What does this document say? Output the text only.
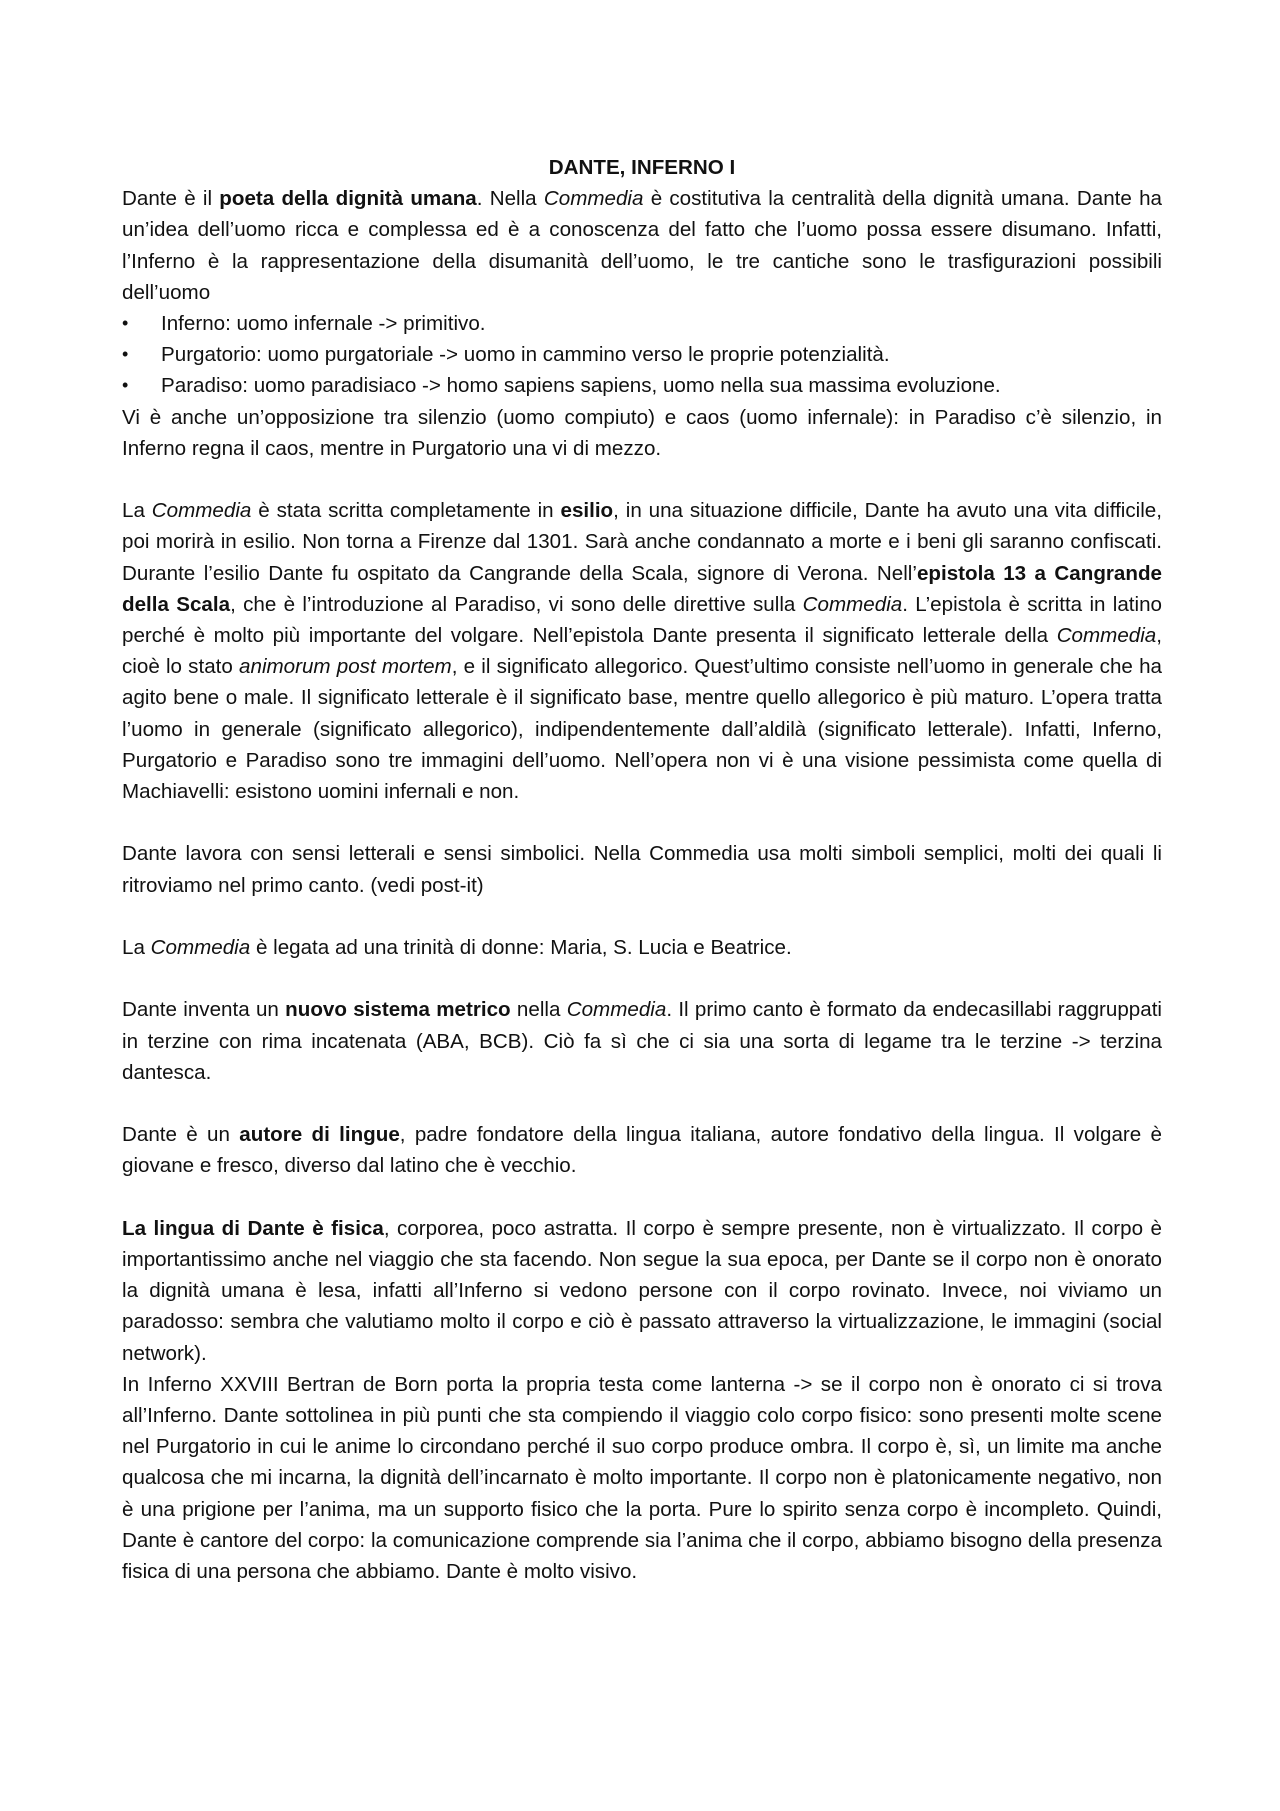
DANTE, INFERNO I

Dante è il poeta della dignità umana. Nella Commedia è costitutiva la centralità della dignità umana. Dante ha un’idea dell’uomo ricca e complessa ed è a conoscenza del fatto che l’uomo possa essere disumano. Infatti, l’Inferno è la rappresentazione della disumanità dell’uomo, le tre cantiche sono le trasfigurazioni possibili dell’uomo

•	Inferno: uomo infernale -> primitivo.
•	Purgatorio: uomo purgatoriale -> uomo in cammino verso le proprie potenzialità.
•	Paradiso: uomo paradisiaco -> homo sapiens sapiens, uomo nella sua massima evoluzione.

Vi è anche un’opposizione tra silenzio (uomo compiuto) e caos (uomo infernale): in Paradiso c’è silenzio, in Inferno regna il caos, mentre in Purgatorio una vi di mezzo.

La Commedia è stata scritta completamente in esilio, in una situazione difficile, Dante ha avuto una vita difficile, poi morirà in esilio. Non torna a Firenze dal 1301. Sarà anche condannato a morte e i beni gli saranno confiscati. Durante l’esilio Dante fu ospitato da Cangrande della Scala, signore di Verona. Nell’epistola 13 a Cangrande della Scala, che è l’introduzione al Paradiso, vi sono delle direttive sulla Commedia. L’epistola è scritta in latino perché è molto più importante del volgare. Nell’epistola Dante presenta il significato letterale della Commedia, cioè lo stato animorum post mortem, e il significato allegorico. Quest’ultimo consiste nell’uomo in generale che ha agito bene o male. Il significato letterale è il significato base, mentre quello allegorico è più maturo. L’opera tratta l’uomo in generale (significato allegorico), indipendentemente dall’aldilà (significato letterale). Infatti, Inferno, Purgatorio e Paradiso sono tre immagini dell’uomo. Nell’opera non vi è una visione pessimista come quella di Machiavelli: esistono uomini infernali e non.

Dante lavora con sensi letterali e sensi simbolici. Nella Commedia usa molti simboli semplici, molti dei quali li ritroviamo nel primo canto. (vedi post-it)

La Commedia è legata ad una trinità di donne: Maria, S. Lucia e Beatrice.

Dante inventa un nuovo sistema metrico nella Commedia. Il primo canto è formato da endecasillabi raggruppati in terzine con rima incatenata (ABA, BCB). Ciò fa sì che ci sia una sorta di legame tra le terzine -> terzina dantesca.

Dante è un autore di lingue, padre fondatore della lingua italiana, autore fondativo della lingua. Il volgare è giovane e fresco, diverso dal latino che è vecchio.

La lingua di Dante è fisica, corporea, poco astratta. Il corpo è sempre presente, non è virtualizzato. Il corpo è importantissimo anche nel viaggio che sta facendo. Non segue la sua epoca, per Dante se il corpo non è onorato la dignità umana è lesa, infatti all’Inferno si vedono persone con il corpo rovinato. Invece, noi viviamo un paradosso: sembra che valutiamo molto il corpo e ciò è passato attraverso la virtualizzazione, le immagini (social network).

In Inferno XXVIII Bertran de Born porta la propria testa come lanterna -> se il corpo non è onorato ci si trova all’Inferno. Dante sottolinea in più punti che sta compiendo il viaggio colo corpo fisico: sono presenti molte scene nel Purgatorio in cui le anime lo circondano perché il suo corpo produce ombra. Il corpo è, sì, un limite ma anche qualcosa che mi incarna, la dignità dell’incarnato è molto importante. Il corpo non è platonicamente negativo, non è una prigione per l’anima, ma un supporto fisico che la porta. Pure lo spirito senza corpo è incompleto. Quindi, Dante è cantore del corpo: la comunicazione comprende sia l’anima che il corpo, abbiamo bisogno della presenza fisica di una persona che abbiamo. Dante è molto visivo.
